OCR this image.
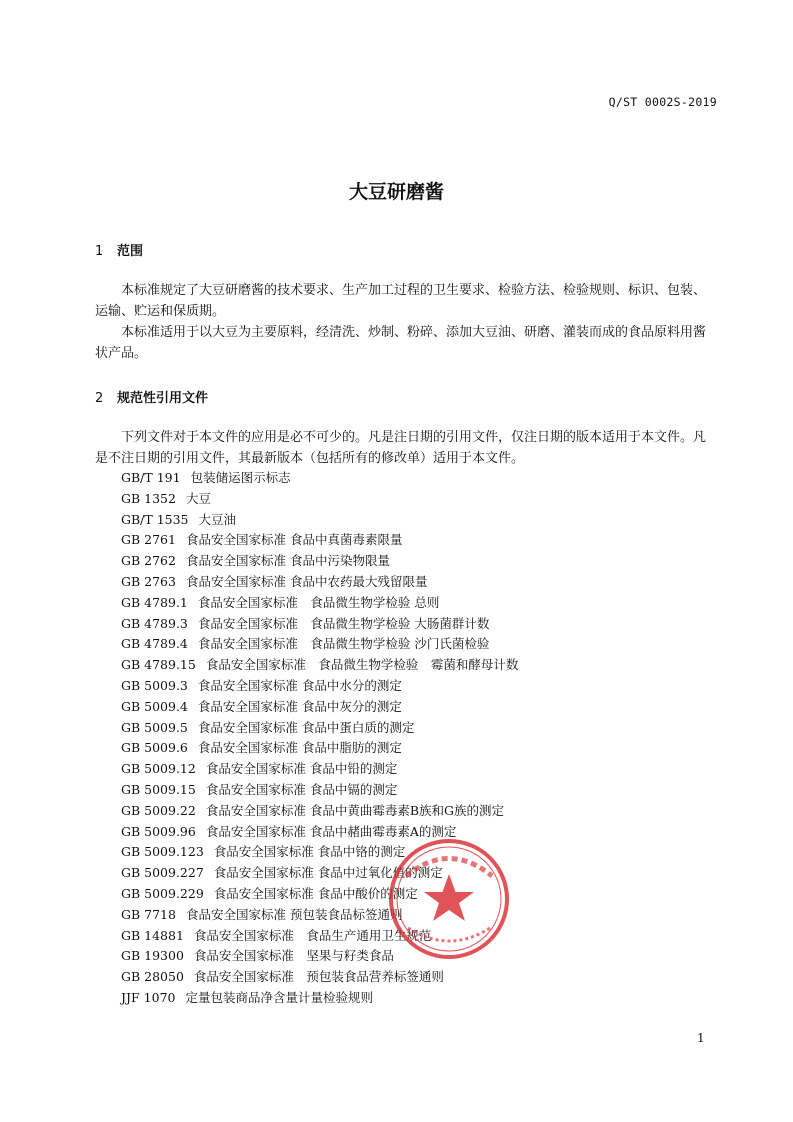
Q/ST 0002S-2019
大豆研磨酱
1 范围
本标准规定了大豆研磨酱的技术要求、生产加工过程的卫生要求、检验方法、检验规则、标识、包装、运输、贮运和保质期。
本标准适用于以大豆为主要原料，经清洗、炒制、粉碎、添加大豆油、研磨、灌装而成的食品原料用酱状产品。
2 规范性引用文件
下列文件对于本文件的应用是必不可少的。凡是注日期的引用文件，仅注日期的版本适用于本文件。凡是不注日期的引用文件，其最新版本（包括所有的修改单）适用于本文件。
GB/T 191 包装储运图示标志
GB 1352 大豆
GB/T 1535 大豆油
GB 2761 食品安全国家标准 食品中真菌毒素限量
GB 2762 食品安全国家标准 食品中污染物限量
GB 2763 食品安全国家标准 食品中农药最大残留限量
GB 4789.1 食品安全国家标准　食品微生物学检验 总则
GB 4789.3 食品安全国家标准　食品微生物学检验 大肠菌群计数
GB 4789.4 食品安全国家标准　食品微生物学检验 沙门氏菌检验
GB 4789.15 食品安全国家标准　食品微生物学检验　霉菌和酵母计数
GB 5009.3 食品安全国家标准 食品中水分的测定
GB 5009.4 食品安全国家标准 食品中灰分的测定
GB 5009.5 食品安全国家标准 食品中蛋白质的测定
GB 5009.6 食品安全国家标准 食品中脂肪的测定
GB 5009.12 食品安全国家标准 食品中铅的测定
GB 5009.15 食品安全国家标准 食品中镉的测定
GB 5009.22 食品安全国家标准 食品中黄曲霉毒素B族和G族的测定
GB 5009.96 食品安全国家标准 食品中赭曲霉毒素A的测定
GB 5009.123 食品安全国家标准 食品中铬的测定
GB 5009.227 食品安全国家标准 食品中过氧化值的测定
GB 5009.229 食品安全国家标准 食品中酸价的测定
GB 7718 食品安全国家标准 预包装食品标签通则
GB 14881 食品安全国家标准　食品生产通用卫生规范
GB 19300 食品安全国家标准　坚果与籽类食品
GB 28050 食品安全国家标准　预包装食品营养标签通则
JJF 1070 定量包装商品净含量计量检验规则
1
